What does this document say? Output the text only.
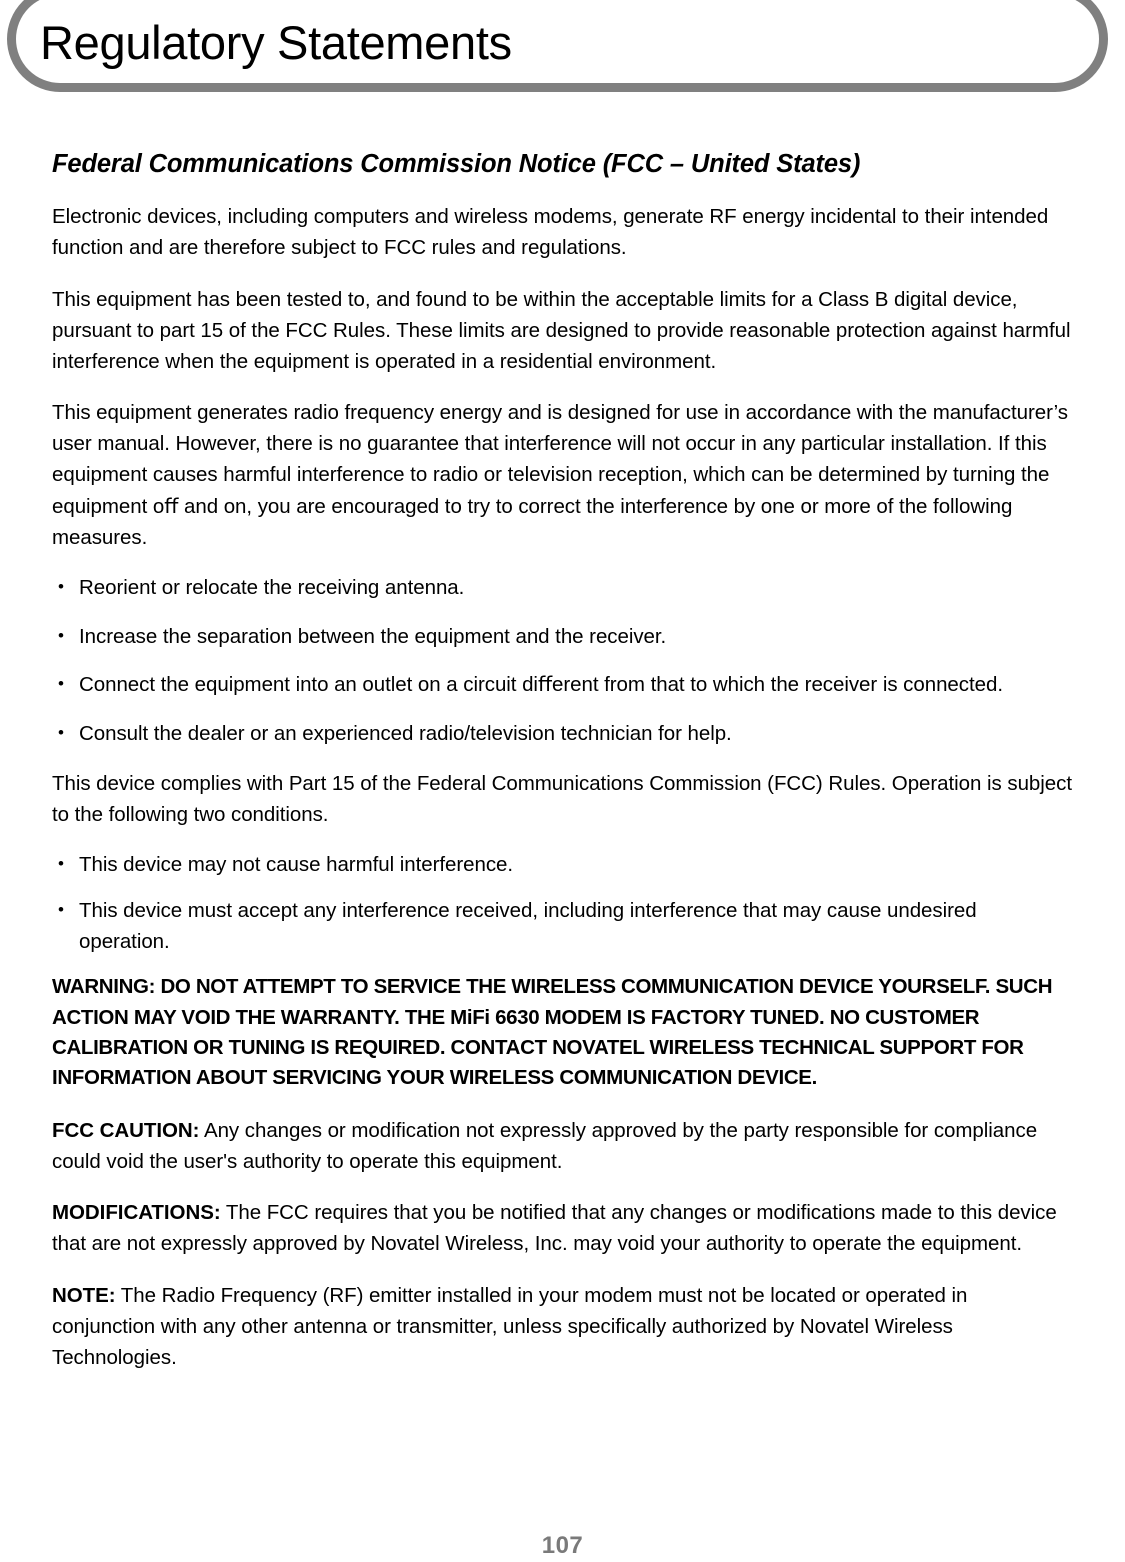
Regulatory Statements
Federal Communications Commission Notice (FCC – United States)

Electronic devices, including computers and wireless modems, generate RF energy incidental to their intended function and are therefore subject to FCC rules and regulations.

This equipment has been tested to, and found to be within the acceptable limits for a Class B digital device, pursuant to part 15 of the FCC Rules. These limits are designed to provide reasonable protection against harmful interference when the equipment is operated in a residential environment.

This equipment generates radio frequency energy and is designed for use in accordance with the manufacturer’s user manual. However, there is no guarantee that interference will not occur in any particular installation. If this equipment causes harmful interference to radio or television reception, which can be determined by turning the equipment oﬀ and on, you are encouraged to try to correct the interference by one or more of the following measures.

• Reorient or relocate the receiving antenna.
• Increase the separation between the equipment and the receiver.
• Connect the equipment into an outlet on a circuit diﬀerent from that to which the receiver is connected.
• Consult the dealer or an experienced radio/television technician for help.

This device complies with Part 15 of the Federal Communications Commission (FCC) Rules. Operation is subject to the following two conditions.

• This device may not cause harmful interference.
• This device must accept any interference received, including interference that may cause undesired operation.

WARNING: DO NOT ATTEMPT TO SERVICE THE WIRELESS COMMUNICATION DEVICE YOURSELF. SUCH ACTION MAY VOID THE WARRANTY. THE MiFi 6630 MODEM IS FACTORY TUNED. NO CUSTOMER CALIBRATION OR TUNING IS REQUIRED. CONTACT NOVATEL WIRELESS TECHNICAL SUPPORT FOR INFORMATION ABOUT SERVICING YOUR WIRELESS COMMUNICATION DEVICE.

FCC CAUTION: Any changes or modiﬁcation not expressly approved by the party responsible for compliance could void the user's authority to operate this equipment.

MODIFICATIONS: The FCC requires that you be notiﬁed that any changes or modiﬁcations made to this device that are not expressly approved by Novatel Wireless, Inc. may void your authority to operate the equipment.

NOTE: The Radio Frequency (RF) emitter installed in your modem must not be located or operated in conjunction with any other antenna or transmitter, unless speciﬁcally authorized by Novatel Wireless Technologies.

107
